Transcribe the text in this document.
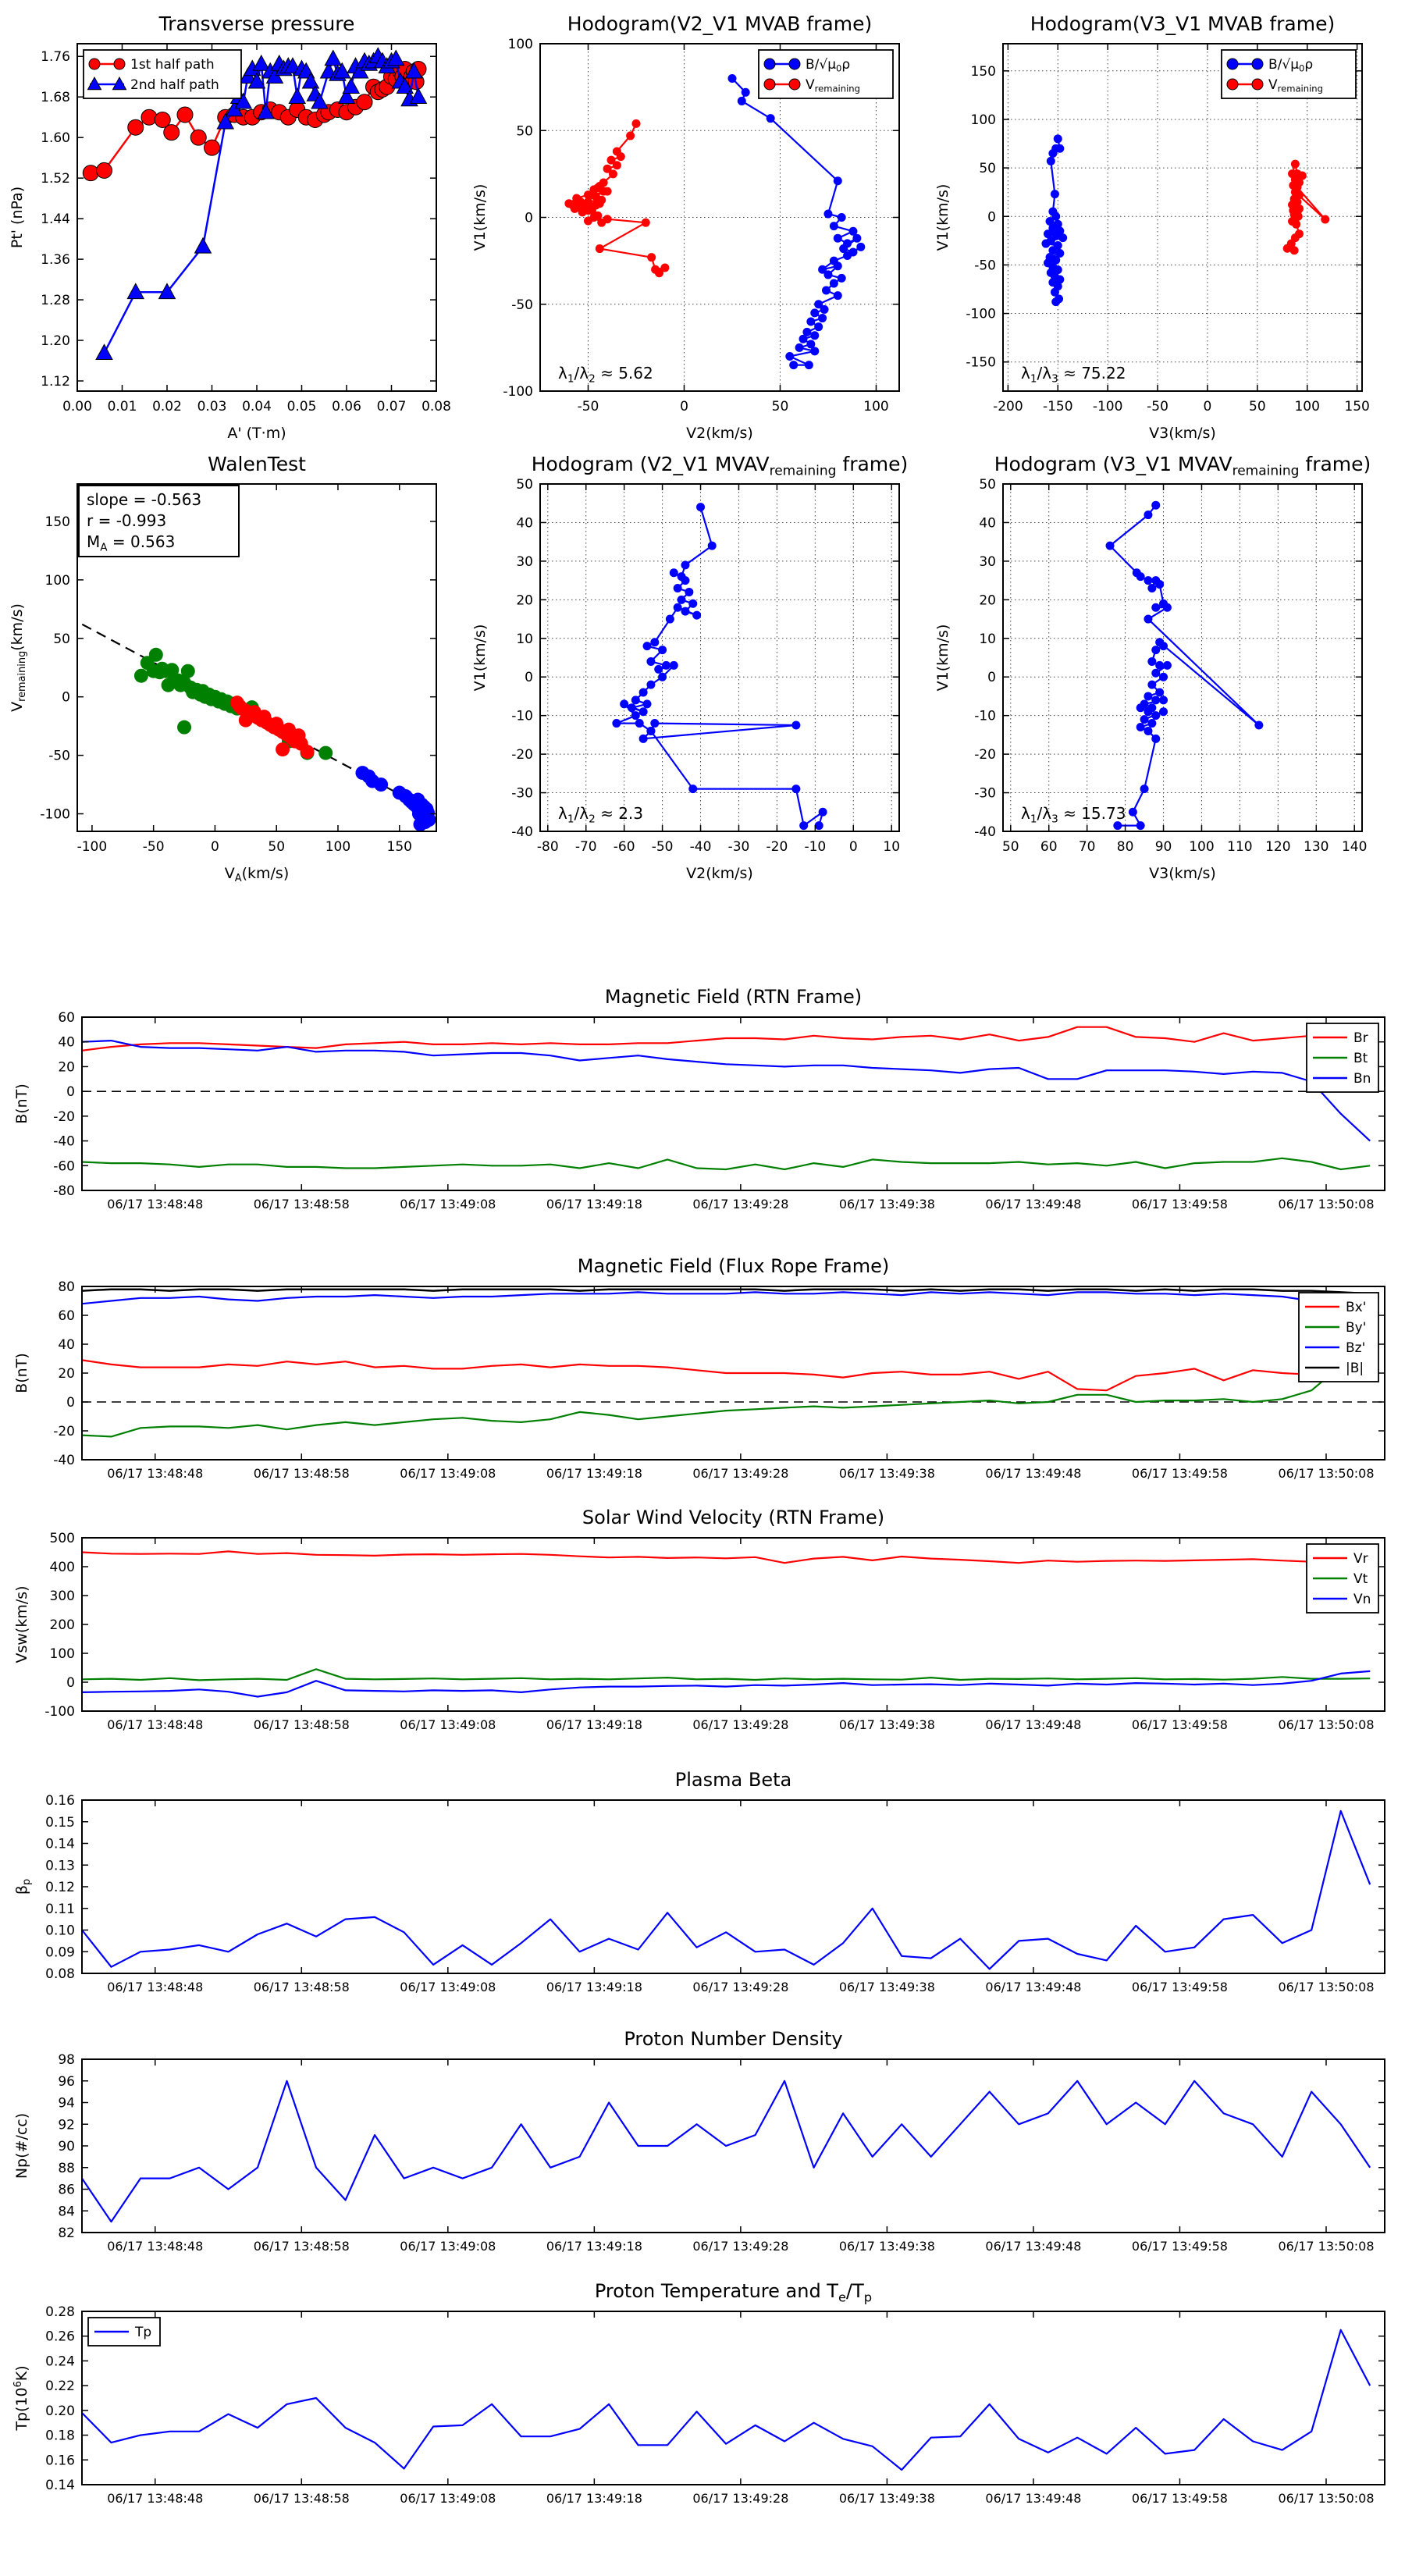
0.00 0.01 0.02 0.03 0.04 0.05 0.06 0.07 0.08
1.12
1.20
1.28
1.36
1.44
1.52
1.60
1.68
1.76
Transverse pressure
A' (T·m)
Pt' (nPa)
1st half path
2nd half path
-50	0	50	100
-100
-50
0
50
100
Hodogram(V2_V1 MVAB frame)
V2(km/s)
V1(km/s)
$\lambda_1/\lambda_2 \approx 5.62$
$B/√\mu_0\rho$
$V_{remaining}$
-200 -150 -100 -50	0	50 100 150
-150
-100
-50
0
50
100
150
Hodogram(V3_V1 MVAB frame)
V3(km/s)
V1(km/s)
$\lambda_1/\lambda_3 \approx 75.22$
$B/√\mu_0\rho$
$V_{remaining}$
-100	-50	0	50	100	150
-100
-50
0
50
100
150
WalenTest
$V_A(km/s)$
$V_{remaining}(km/s)$
slope = -0.563
r = -0.993
$M_A = 0.563$
-80 -70 -60 -50 -40 -30 -20 -10 0 10
-40
-30
-20
-10
0
10
20
30
40
50
Hodogram (V2_V1 $MVAV_{remaining}$ frame)
V2(km/s)
V1(km/s)
$\lambda_1/\lambda_2 \approx 2.3$
50 60 70 80 90 100 110 120 130 140
-40
-30
-20
-10
0
10
20
30
40
50
Hodogram (V3_V1 $MVAV_{remaining}$ frame)
V3(km/s)
V1(km/s)
$\lambda_1/\lambda_3 \approx 15.73$
06/17 13:48:48	06/17 13:48:58	06/17 13:49:08	06/17 13:49:18	06/17 13:49:28	06/17 13:49:38	06/17 13:49:48	06/17 13:49:58	06/17 13:50:08
-80
-60
-40
-20
0
20
40
60
Magnetic Field (RTN Frame)
B(nT)
Br
Bt
Bn
06/17 13:48:48	06/17 13:48:58	06/17 13:49:08	06/17 13:49:18	06/17 13:49:28	06/17 13:49:38	06/17 13:49:48	06/17 13:49:58	06/17 13:50:08
-40
-20
0
20
40
60
80
Magnetic Field (Flux Rope Frame)
B(nT)
Bx'
By'
Bz'
|B|
06/17 13:48:48	06/17 13:48:58	06/17 13:49:08	06/17 13:49:18	06/17 13:49:28	06/17 13:49:38	06/17 13:49:48	06/17 13:49:58	06/17 13:50:08
-100
0
100
200
300
400
500
Solar Wind Velocity (RTN Frame)
Vsw(km/s)
Vr
Vt
Vn
06/17 13:48:48	06/17 13:48:58	06/17 13:49:08	06/17 13:49:18	06/17 13:49:28	06/17 13:49:38	06/17 13:49:48	06/17 13:49:58	06/17 13:50:08
0.08
0.09
0.10
0.11
0.12
0.13
0.14
0.15
0.16
Plasma Beta
$\beta_p$
06/17 13:48:48	06/17 13:48:58	06/17 13:49:08	06/17 13:49:18	06/17 13:49:28	06/17 13:49:38	06/17 13:49:48	06/17 13:49:58	06/17 13:50:08
82
84
86
88
90
92
94
96
98
Proton Number Density
Np(#/cc)
06/17 13:48:48	06/17 13:48:58	06/17 13:49:08	06/17 13:49:18	06/17 13:49:28	06/17 13:49:38	06/17 13:49:48	06/17 13:49:58	06/17 13:50:08
0.14
0.16
0.18
0.20
0.22
0.24
0.26
0.28
Proton Temperature and $T_e/T_p$
$Tp(10^6K)$
Tp
